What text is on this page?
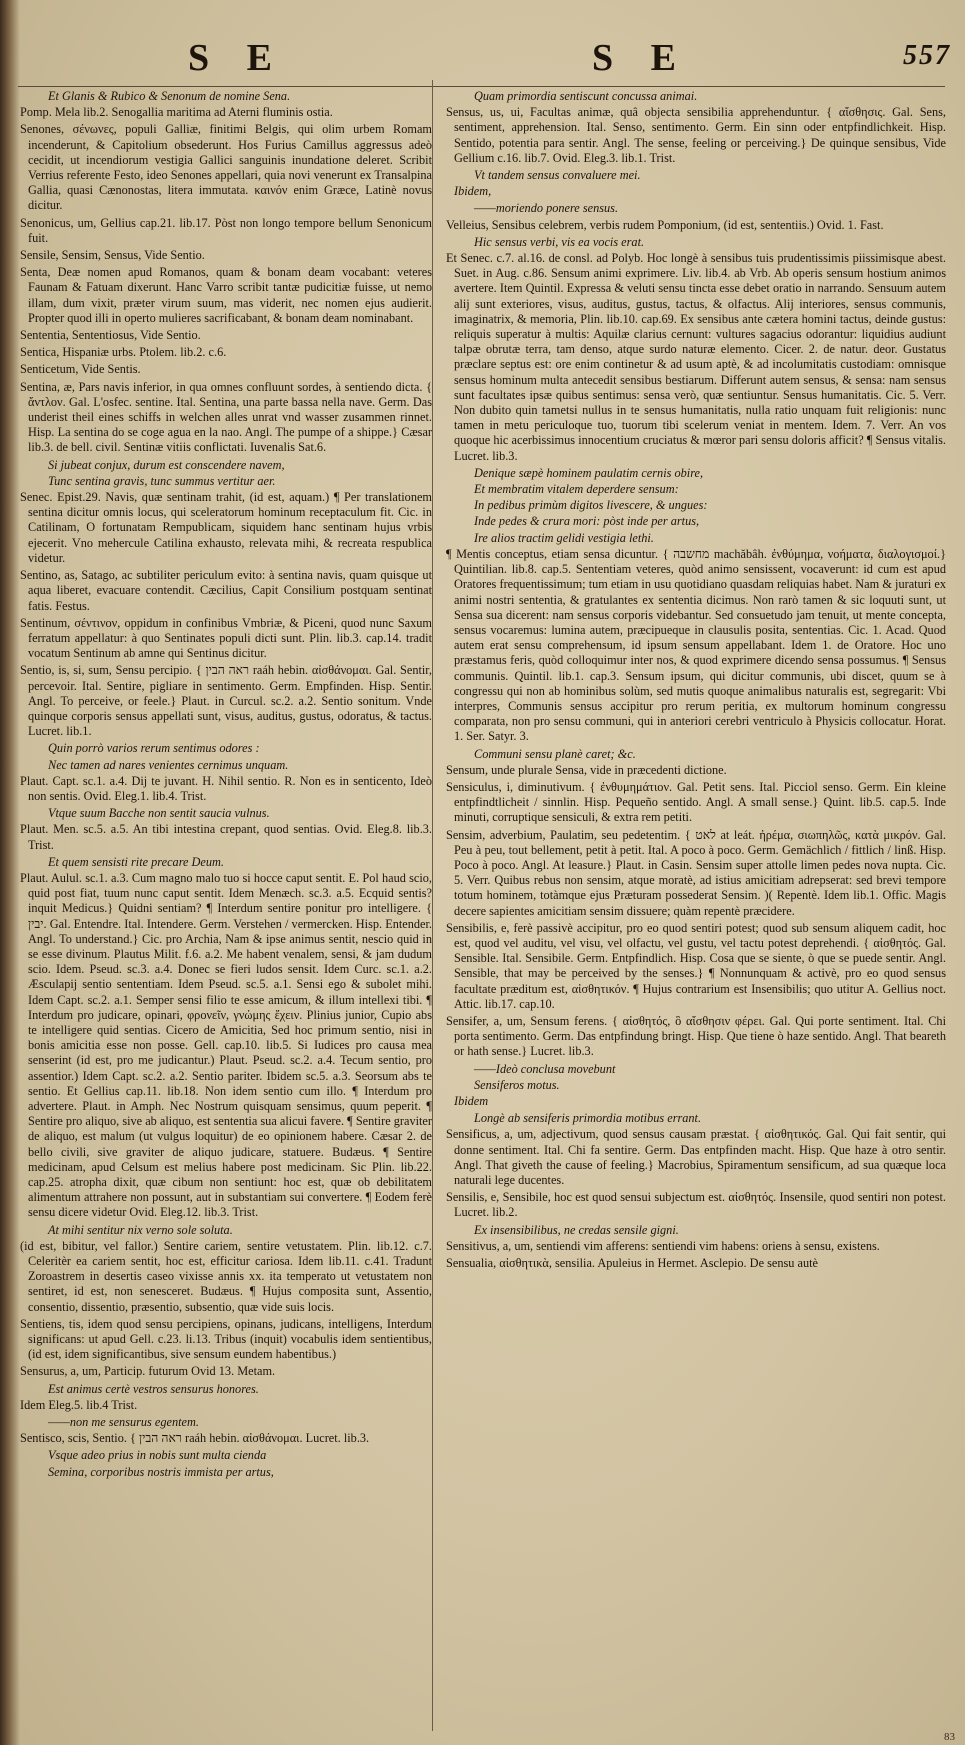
S E	S E	557

Et Glanis & Rubico & Senonum de nomine Sena.

Pomp. Mela lib.2. Senogallia maritima ad Aterni fluminis ostia.

Senones, σένωνες, populi Galliæ, finitimi Belgis, qui olim urbem Romam incenderunt, & Capitolium obsederunt. Hos Furius Camillus aggressus adeò cecidit, ut incendiorum vestigia Gallici sanguinis inundatione deleret. Scribit Verrius referente Festo, ideo Senones appellari, quia novi venerunt ex Transalpina Gallia, quasi Cænonostas, litera immutata. καινόν enim Græce, Latinè novus dicitur.

Senonicus, um, Gellius cap.21. lib.17. Pòst non longo tempore bellum Senonicum fuit.

Sensile, Sensim, Sensus, Vide Sentio.

Senta, Deæ nomen apud Romanos, quam & bonam deam vocabant: veteres Faunam & Fatuam dixerunt. Hanc Varro scribit tantæ pudicitiæ fuisse, ut nemo illam, dum vixit, præter virum suum, mas viderit, nec nomen ejus audierit. Propter quod illi in operto mulieres sacrificabant, & bonam deam nominabant.

Sententia, Sententiosus, Vide Sentio.

Sentica, Hispaniæ urbs. Ptolem. lib.2. c.6.

Senticetum, Vide Sentis.

Sentina, æ, Pars navis inferior, in qua omnes confluunt sordes, à sentiendo dicta. { ἄντλον. Gal. L'osfec. sentine. Ital. Sentina, una parte bassa nella nave. Germ. Das underist theil eines schiffs in welchen alles unrat vnd wasser zusammen rinnet. Hisp. La sentina do se coge agua en la nao. Angl. The pumpe of a shippe.} Cæsar lib.3. de bell. civil. Sentinæ vitiis conflictati. Iuvenalis Sat.6.

Si jubeat conjux, durum est conscendere navem,

Tunc sentina gravis, tunc summus vertitur aer.

Senec. Epist.29. Navis, quæ sentinam trahit, (id est, aquam.) ¶ Per translationem sentina dicitur omnis locus, qui sceleratorum hominum receptaculum fit. Cic. in Catilinam, O fortunatam Rempublicam, siquidem hanc sentinam hujus vrbis ejecerit. Vno mehercule Catilina exhausto, relevata mihi, & recreata respublica videtur.

Sentino, as, Satago, ac subtiliter periculum evito: à sentina navis, quam quisque ut aqua liberet, evacuare contendit. Cæcilius, Capit Consilium postquam sentinat fatis. Festus.

Sentinum, σέντινον, oppidum in confinibus Vmbriæ, & Piceni, quod nunc Saxum ferratum appellatur: à quo Sentinates populi dicti sunt. Plin. lib.3. cap.14. tradit vocatum Sentinum ab amne qui Sentinus dicitur.

Sentio, is, si, sum, Sensu percipio. { ראה הבין raáh hebin. αἰσθάνομαι. Gal. Sentir, percevoir. Ital. Sentire, pigliare in sentimento. Germ. Empfinden. Hisp. Sentir. Angl. To perceive, or feele.} Plaut. in Curcul. sc.2. a.2. Sentio sonitum. Vnde quinque corporis sensus appellati sunt, visus, auditus, gustus, odoratus, & tactus. Lucret. lib.1.

Quin porrò varios rerum sentimus odores :

Nec tamen ad nares venientes cernimus unquam.

Plaut. Capt. sc.1. a.4. Dij te juvant. H. Nihil sentio. R. Non es in senticento, Ideò non sentis. Ovid. Eleg.1. lib.4. Trist.

Vtque suum Bacche non sentit saucia vulnus.

Plaut. Men. sc.5. a.5. An tibi intestina crepant, quod sentias. Ovid. Eleg.8. lib.3. Trist.

Et quem sensisti rite precare Deum.

Plaut. Aulul. sc.1. a.3. Cum magno malo tuo si hocce caput sentit. E. Pol haud scio, quid post fiat, tuum nunc caput sentit. Idem Menæch. sc.3. a.5. Ecquid sentis? inquit Medicus.} Quidni sentiam? ¶ Interdum sentire ponitur pro intelligere. { יבין. Gal. Entendre. Ital. Intendere. Germ. Verstehen / vermercken. Hisp. Entender. Angl. To understand.} Cic. pro Archia, Nam & ipse animus sentit, nescio quid in se esse divinum. Plautus Milit. f.6. a.2. Me habent venalem, sensi, & jam dudum scio. Idem. Pseud. sc.3. a.4. Donec se fieri ludos sensit. Idem Curc. sc.1. a.2. Æsculapij sentio sententiam. Idem Pseud. sc.5. a.1. Sensi ego & subolet mihi. Idem Capt. sc.2. a.1. Semper sensi filio te esse amicum, & illum intellexi tibi. ¶ Interdum pro judicare, opinari, φρονεῖν, γνώμης ἔχειν. Plinius junior, Cupio abs te intelligere quid sentias. Cicero de Amicitia, Sed hoc primum sentio, nisi in bonis amicitia esse non posse. Gell. cap.10. lib.5. Si Iudices pro causa mea senserint (id est, pro me judicantur.) Plaut. Pseud. sc.2. a.4. Tecum sentio, pro assentior.) Idem Capt. sc.2. a.2. Sentio pariter. Ibidem sc.5. a.3. Seorsum abs te sentio. Et Gellius cap.11. lib.18. Non idem sentio cum illo. ¶ Interdum pro advertere. Plaut. in Amph. Nec Nostrum quisquam sensimus, quum peperit. ¶ Sentire pro aliquo, sive ab aliquo, est sententia sua alicui favere. ¶ Sentire graviter de aliquo, est malum (ut vulgus loquitur) de eo opinionem habere. Cæsar 2. de bello civili, sive graviter de aliquo judicare, statuere. Budæus. ¶ Sentire medicinam, apud Celsum est melius habere post medicinam. Sic Plin. lib.22. cap.25. atropha dixit, quæ cibum non sentiunt: hoc est, quæ ob debilitatem alimentum attrahere non possunt, aut in substantiam sui convertere. ¶ Eodem ferè sensu dicere videtur Ovid. Eleg.12. lib.3. Trist.

At mihi sentitur nix verno sole soluta.

(id est, bibitur, vel fallor.) Sentire cariem, sentire vetustatem. Plin. lib.12. c.7. Celeritèr ea cariem sentit, hoc est, efficitur cariosa. Idem lib.11. c.41. Tradunt Zoroastrem in desertis caseo vixisse annis xx. ita temperato ut vetustatem non sentiret, id est, non senesceret. Budæus. ¶ Hujus composita sunt, Assentio, consentio, dissentio, præsentio, subsentio, quæ vide suis locis.

Sentiens, tis, idem quod sensu percipiens, opinans, judicans, intelligens, Interdum significans: ut apud Gell. c.23. li.13. Tribus (inquit) vocabulis idem sentientibus, (id est, idem significantibus, sive sensum eundem habentibus.)

Sensurus, a, um, Particip. futurum Ovid 13. Metam.

Est animus certè vestros sensurus honores.

Idem Eleg.5. lib.4 Trist.

——non me sensurus egentem.

Sentisco, scis, Sentio. { ראה הבין raáh hebin. αἰσθάνομαι. Lucret. lib.3.

Vsque adeo prius in nobis sunt multa cienda

Semina, corporibus nostris immista per artus,

Quam primordia sentiscunt concussa animai.

Sensus, us, ui, Facultas animæ, quâ objecta sensibilia apprehenduntur. { αἴσθησις. Gal. Sens, sentiment, apprehension. Ital. Senso, sentimento. Germ. Ein sinn oder entpfindlichkeit. Hisp. Sentido, potentia para sentir. Angl. The sense, feeling or perceiving.} De quinque sensibus, Vide Gellium c.16. lib.7. Ovid. Eleg.3. lib.1. Trist.

Vt tandem sensus convaluere mei.

Ibidem,

——moriendo ponere sensus.

Velleius, Sensibus celebrem, verbis rudem Pomponium, (id est, sententiis.) Ovid. 1. Fast.

Hic sensus verbi, vis ea vocis erat.

Et Senec. c.7. al.16. de consl. ad Polyb. Hoc longè à sensibus tuis prudentissimis piissimisque abest. Suet. in Aug. c.86. Sensum animi exprimere. Liv. lib.4. ab Vrb. Ab operis sensum hostium animos avertere. Item Quintil. Expressa & veluti sensu tincta esse debet oratio in narrando. Sensuum autem alij sunt exteriores, visus, auditus, gustus, tactus, & olfactus. Alij interiores, sensus communis, imaginatrix, & memoria, Plin. lib.10. cap.69. Ex sensibus ante cætera homini tactus, deinde gustus: reliquis superatur à multis: Aquilæ clarius cernunt: vultures sagacius odorantur: liquidius audiunt talpæ obrutæ terra, tam denso, atque surdo naturæ elemento. Cicer. 2. de natur. deor. Gustatus præclare septus est: ore enim continetur & ad usum aptè, & ad incolumitatis custodiam: omnisque sensus hominum multa antecedit sensibus bestiarum. Differunt autem sensus, & sensa: nam sensus sunt facultates ipsæ quibus sentimus: sensa verò, quæ sentiuntur. Sensus humanitatis. Cic. 5. Verr. Non dubito quin tametsi nullus in te sensus humanitatis, nulla ratio unquam fuit religionis: nunc tamen in metu periculoque tuo, tuorum tibi scelerum veniat in mentem. Idem. 7. Verr. An vos quoque hic acerbissimus innocentium cruciatus & mœror pari sensu doloris afficit? ¶ Sensus vitalis. Lucret. lib.3.

Denique sæpè hominem paulatim cernis obire,

Et membratim vitalem deperdere sensum:

In pedibus primùm digitos livescere, & ungues:

Inde pedes & crura mori: pòst inde per artus,

Ire alios tractim gelidi vestigia lethi.

¶ Mentis conceptus, etiam sensa dicuntur. { מחשבה machăbâh. ἐνθύμημα, νοήματα, διαλογισμοί.} Quintilian. lib.8. cap.5. Sententiam veteres, quòd animo sensissent, vocaverunt: id cum est apud Oratores frequentissimum; tum etiam in usu quotidiano quasdam reliquias habet. Nam & juraturi ex animi nostri sententia, & gratulantes ex sententia dicimus. Non rarò tamen & sic loquuti sunt, ut Sensa sua dicerent: nam sensus corporis videbantur. Sed consuetudo jam tenuit, ut mente concepta, sensus vocaremus: lumina autem, præcipueque in clausulis posita, sententias. Cic. 1. Acad. Quod autem erat sensu comprehensum, id ipsum sensum appellabant. Idem 1. de Oratore. Hoc uno præstamus feris, quòd colloquimur inter nos, & quod exprimere dicendo sensa possumus. ¶ Sensus communis. Quintil. lib.1. cap.3. Sensum ipsum, qui dicitur communis, ubi discet, quum se à congressu qui non ab hominibus solùm, sed mutis quoque animalibus naturalis est, segregarit: Vbi interpres, Communis sensus accipitur pro rerum peritia, ex multorum hominum congressu comparata, non pro sensu communi, qui in anteriori cerebri ventriculo à Physicis collocatur. Horat. 1. Ser. Satyr. 3.

Communi sensu planè caret; &c.

Sensum, unde plurale Sensa, vide in præcedenti dictione.

Sensiculus, i, diminutivum. { ἐνθυμημάτιον. Gal. Petit sens. Ital. Picciol senso. Germ. Ein kleine entpfindtlicheit / sinnlin. Hisp. Pequeño sentido. Angl. A small sense.} Quint. lib.5. cap.5. Inde minuti, corruptique sensiculi, & extra rem petiti.

Sensim, adverbium, Paulatim, seu pedetentim. { לאט at leát. ἠρέμα, σιωπηλῶς, κατὰ μικρόν. Gal. Peu à peu, tout bellement, petit à petit. Ital. A poco à poco. Germ. Gemächlich / fittlich / linß. Hisp. Poco à poco. Angl. At leasure.} Plaut. in Casin. Sensim super attolle limen pedes nova nupta. Cic. 5. Verr. Quibus rebus non sensim, atque moratè, ad istius amicitiam adrepserat: sed brevi tempore totum hominem, totàmque ejus Præturam possederat Sensim. )( Repentè. Idem lib.1. Offic. Magis decere sapientes amicitiam sensim dissuere; quàm repentè præcidere.

Sensibilis, e, ferè passivè accipitur, pro eo quod sentiri potest; quod sub sensum aliquem cadit, hoc est, quod vel auditu, vel visu, vel olfactu, vel gustu, vel tactu potest deprehendi. { αἰσθητός. Gal. Sensible. Ital. Sensibile. Germ. Entpfindlich. Hisp. Cosa que se siente, ò que se puede sentir. Angl. Sensible, that may be perceived by the senses.} ¶ Nonnunquam & activè, pro eo quod sensus facultate præditum est, αἰσθητικόν. ¶ Hujus contrarium est Insensibilis; quo utitur A. Gellius noct. Attic. lib.17. cap.10.

Sensifer, a, um, Sensum ferens. { αἰσθητός, ὃ αἴσθησιν φέρει. Gal. Qui porte sentiment. Ital. Chi porta sentimento. Germ. Das entpfindung bringt. Hisp. Que tiene ò haze sentido. Angl. That beareth or hath sense.} Lucret. lib.3.

——Ideò conclusa movebunt

Sensiferos motus.

Ibidem

Longè ab sensiferis primordia motibus errant.

Sensificus, a, um, adjectivum, quod sensus causam præstat. { αἰσθητικός. Gal. Qui fait sentir, qui donne sentiment. Ital. Chi fa sentire. Germ. Das entpfinden macht. Hisp. Que haze à otro sentir. Angl. That giveth the cause of feeling.} Macrobius, Spiramentum sensificum, ad sua quæque loca naturali lege ducentes.

Sensilis, e, Sensibile, hoc est quod sensui subjectum est. αἰσθητός. Insensile, quod sentiri non potest. Lucret. lib.2.

Ex insensibilibus, ne credas sensile gigni.

Sensitivus, a, um, sentiendi vim afferens: sentiendi vim habens: oriens à sensu, existens.

Sensualia, αἰσθητικὰ, sensilia. Apuleius in Hermet. Asclepio. De sensu autè

83
